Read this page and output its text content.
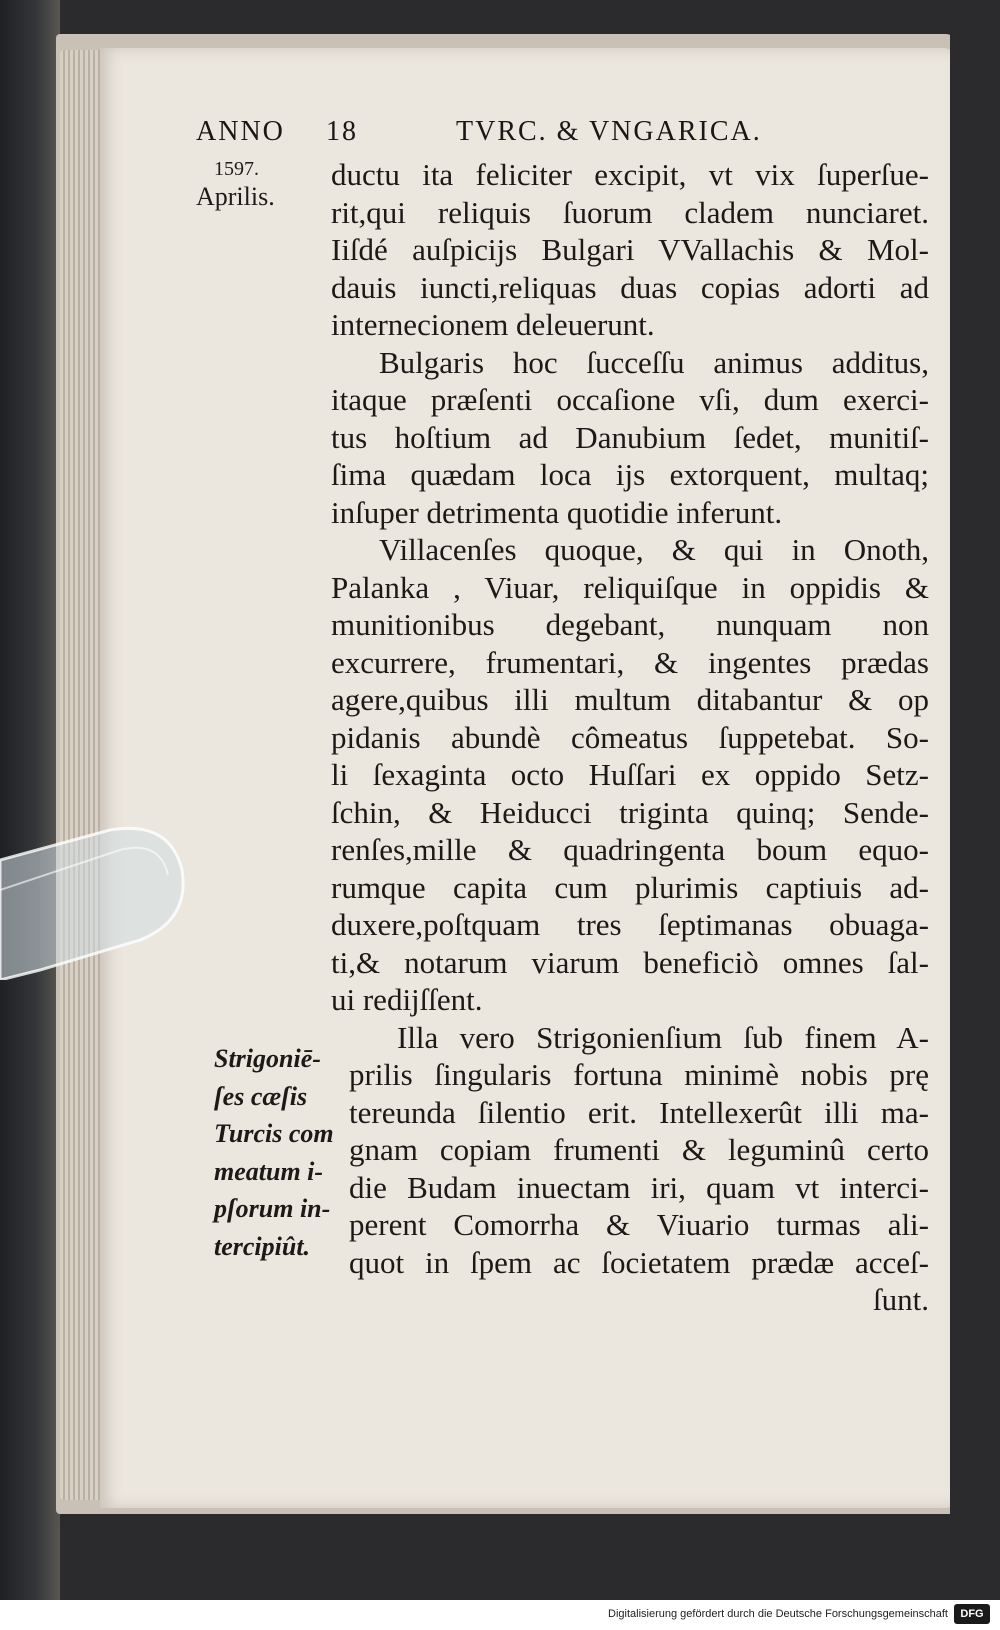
ANNO 18	TVRC. & VNGARICA.
1597.
Aprilis.
ductu ita feliciter excipit, vt vix ſuperſue-
rit,qui reliquis ſuorum cladem nunciaret.
Iiſdé auſpicijs Bulgari VVallachis & Mol-
dauis iuncti,reliquas duas copias adorti ad
internecionem deleuerunt.
Bulgaris hoc ſucceſſu animus additus,
itaque præſenti occaſione vſi, dum exerci-
tus hoſtium ad Danubium ſedet, munitiſ-
ſima quædam loca ijs extorquent, multaq;
inſuper detrimenta quotidie inferunt.
Villacenſes quoque, & qui in Onoth,
Palanka , Viuar, reliquiſque in oppidis &
munitionibus degebant, nunquam non
excurrere, frumentari, & ingentes prædas
agere,quibus illi multum ditabantur & op
pidanis abundè cômeatus ſuppetebat. So-
li ſexaginta octo Huſſari ex oppido Setz-
ſchin, & Heiducci triginta quinq; Sende-
renſes,mille & quadringenta boum equo-
rumque capita cum plurimis captiuis ad-
duxere,poſtquam tres ſeptimanas obuaga-
ti,& notarum viarum beneficiò omnes ſal-
ui redijſſent.
Illa vero Strigonienſium ſub finem A-
prilis ſingularis fortuna minimè nobis prę
tereunda ſilentio erit. Intellexerût illi ma-
gnam copiam frumenti & leguminû certo
die Budam inuectam iri, quam vt interci-
perent Comorrha & Viuario turmas ali-
quot in ſpem ac ſocietatem prædæ acceſ-
ſunt.
Strigoniē-
ſes cæſis
Turcis com
meatum i-
pſorum in-
tercipiût.
Digitalisierung gefördert durch die Deutsche Forschungsgemeinschaft	DFG
